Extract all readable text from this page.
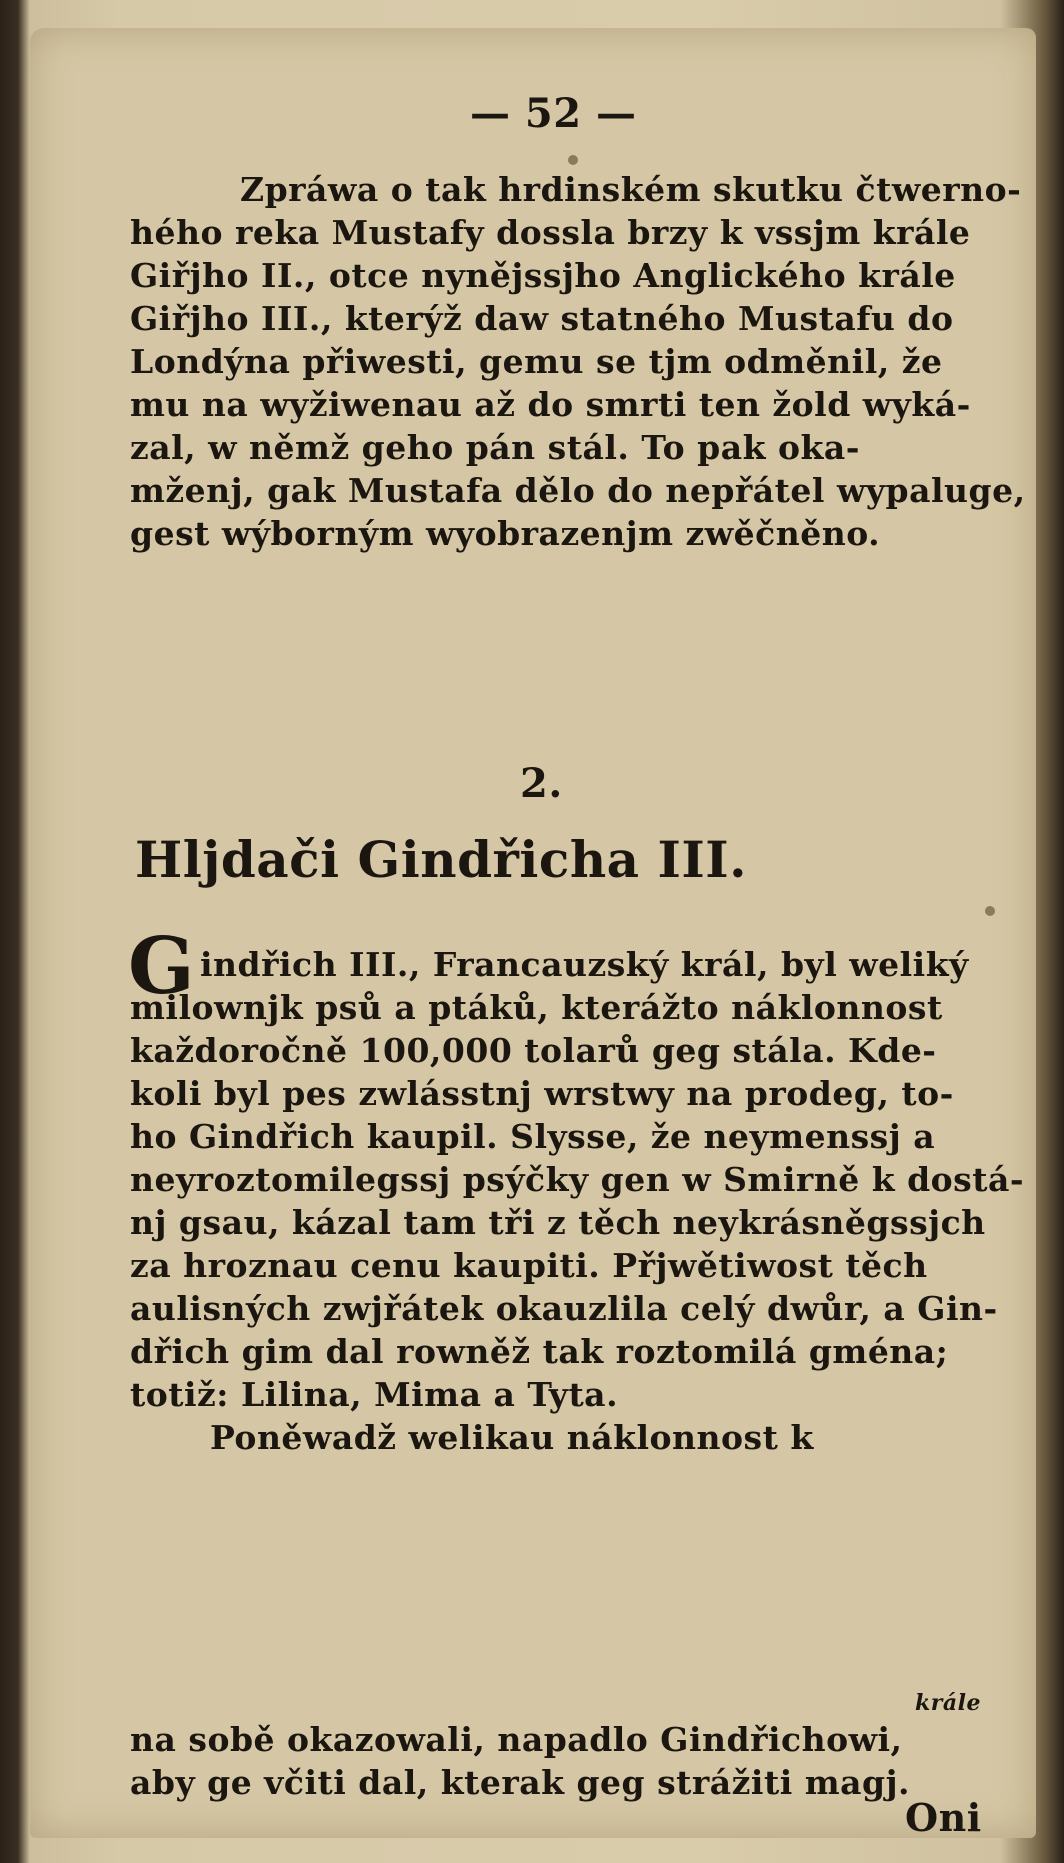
— 52 —
Zpráwa o tak hrdinském skutku čtwerno-
hého reka Mustafy dossla brzy k vssjm krále
Giřjho II., otce nynějssjho Anglického krále
Giřjho III., kterýž daw statného Mustafu do
Londýna přiwesti, gemu se tjm odměnil, že
mu na wyžiwenau až do smrti ten žold wyká-
zal, w němž geho pán stál. To pak oka-
mženj, gak Mustafa dělo do nepřátel wypaluge,
gest wýborným wyobrazenjm zwěčněno.
2.
Hljdači Gindřicha III.
G indřich III., Francauzský král, byl weliký
milownjk psů a ptáků, kterážto náklonnost
každoročně 100,000 tolarů geg stála. Kde-
koli byl pes zwlásstnj wrstwy na prodeg, to-
ho Gindřich kaupil. Slysse, že neymenssj a
neyroztomilegssj psýčky gen w Smirně k dostá-
nj gsau, kázal tam tři z těch neykrásněgssjch
za hroznau cenu kaupiti. Přjwětiwost těch
aulisných zwjřátek okauzlila celý dwůr, a Gin-
dřich gim dal rowněž tak roztomilá gména;
totiž: Lilina, Mima a Tyta.
Poněwadž welikau náklonnost k
krále
na sobě okazowali, napadlo Gindřichowi,
aby ge včiti dal, kterak geg strážiti magj.
Oni
